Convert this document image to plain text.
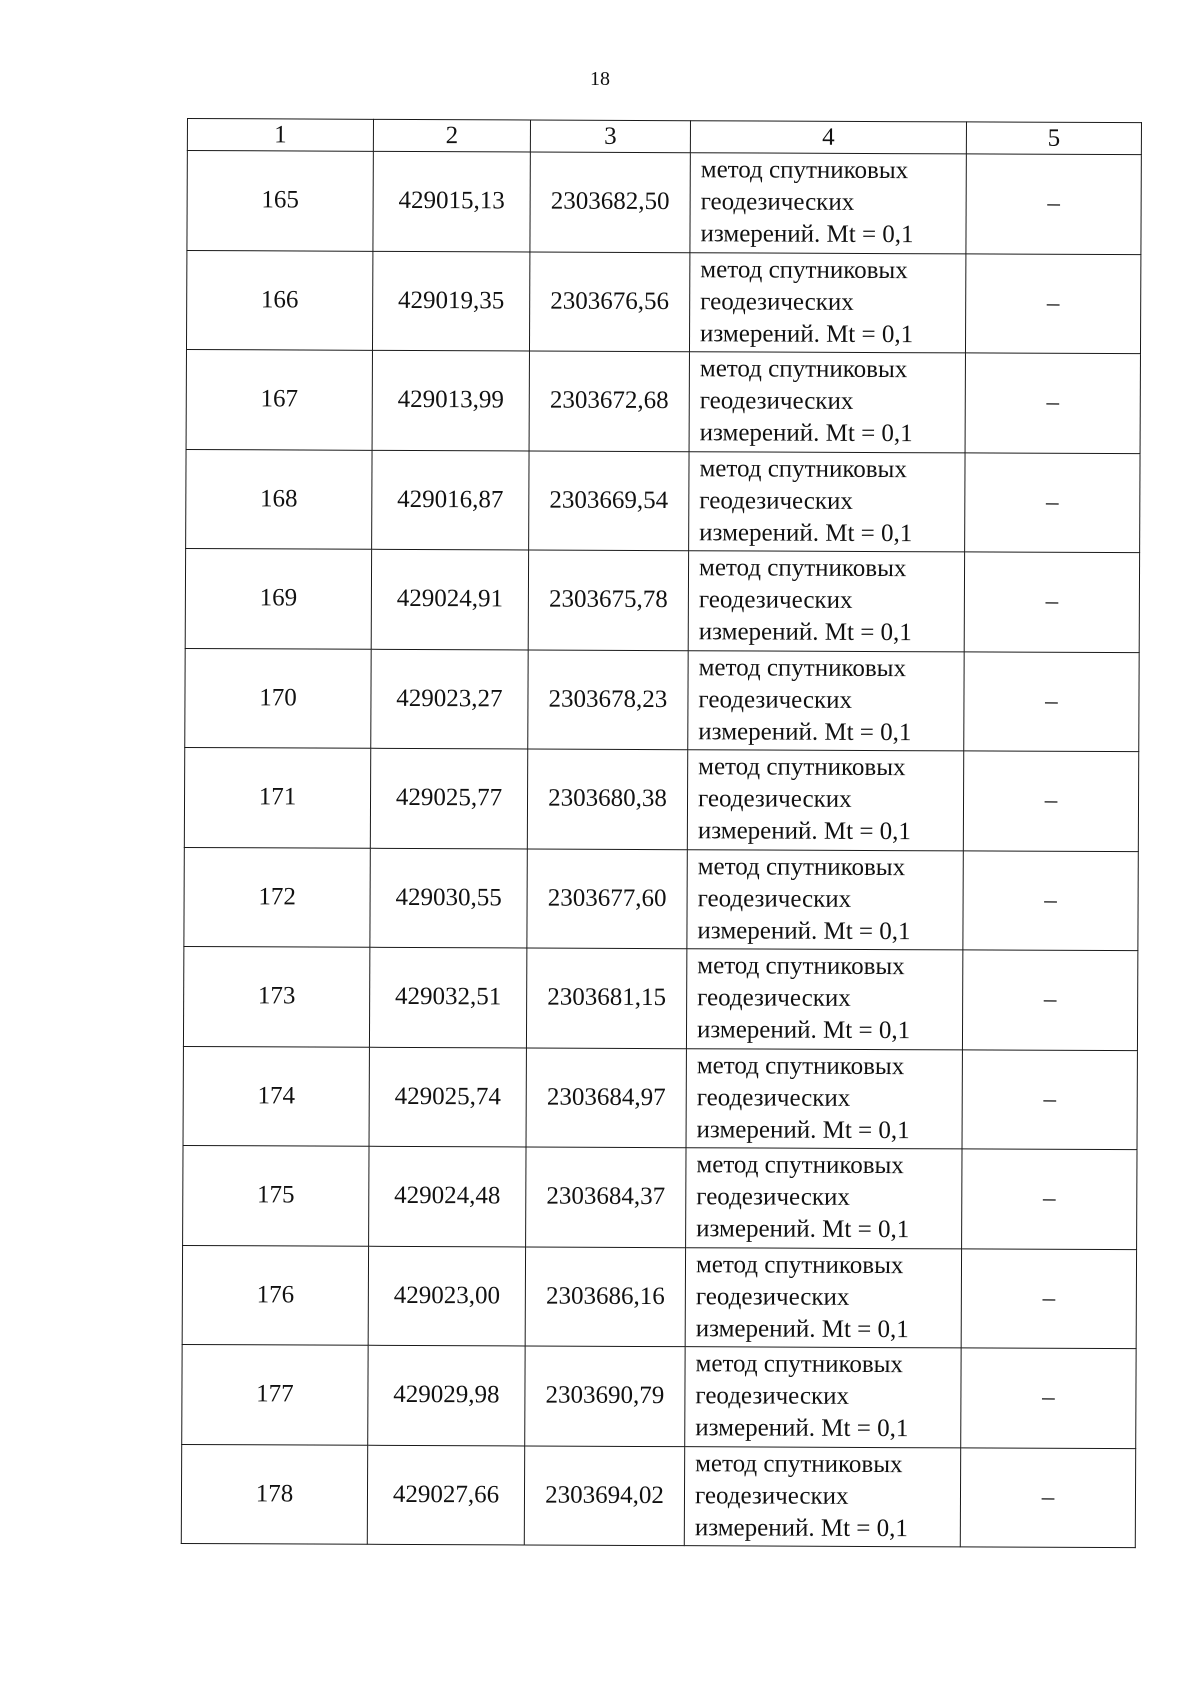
18
1	2	3	4	5
165	429015,13	2303682,50	метод спутниковых
геодезических
измерений. Mt = 0,1	–
166	429019,35	2303676,56	метод спутниковых
геодезических
измерений. Mt = 0,1	–
167	429013,99	2303672,68	метод спутниковых
геодезических
измерений. Mt = 0,1	–
168	429016,87	2303669,54	метод спутниковых
геодезических
измерений. Mt = 0,1	–
169	429024,91	2303675,78	метод спутниковых
геодезических
измерений. Mt = 0,1	–
170	429023,27	2303678,23	метод спутниковых
геодезических
измерений. Mt = 0,1	–
171	429025,77	2303680,38	метод спутниковых
геодезических
измерений. Mt = 0,1	–
172	429030,55	2303677,60	метод спутниковых
геодезических
измерений. Mt = 0,1	–
173	429032,51	2303681,15	метод спутниковых
геодезических
измерений. Mt = 0,1	–
174	429025,74	2303684,97	метод спутниковых
геодезических
измерений. Mt = 0,1	–
175	429024,48	2303684,37	метод спутниковых
геодезических
измерений. Mt = 0,1	–
176	429023,00	2303686,16	метод спутниковых
геодезических
измерений. Mt = 0,1	–
177	429029,98	2303690,79	метод спутниковых
геодезических
измерений. Mt = 0,1	–
178	429027,66	2303694,02	метод спутниковых
геодезических
измерений. Mt = 0,1	–
